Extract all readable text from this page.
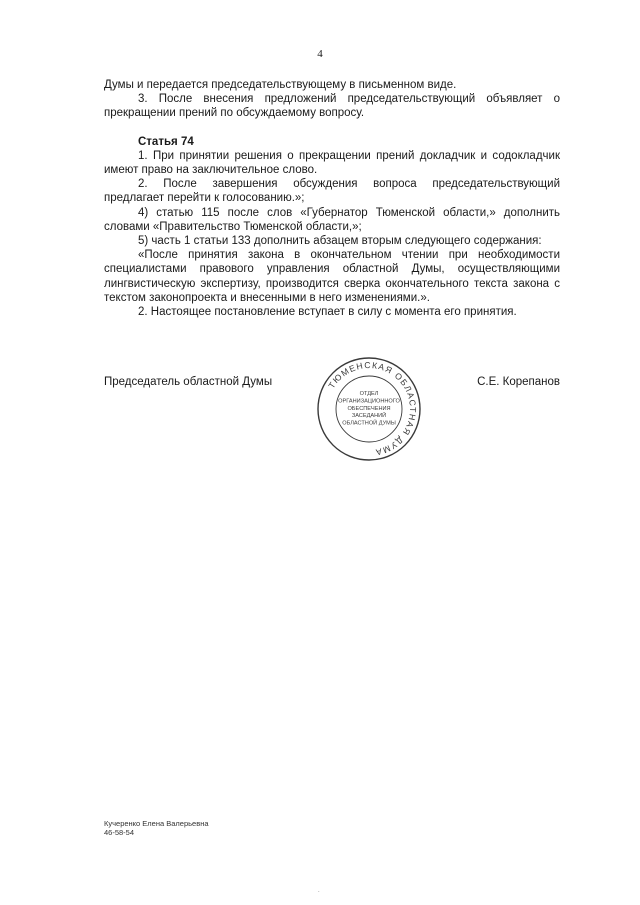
4

Думы и передается председательствующему в письменном виде.

3. После внесения предложений председательствующий объявляет о прекращении прений по обсуждаемому вопросу.

Статья 74

1. При принятии решения о прекращении прений докладчик и содокладчик имеют право на заключительное слово.

2. После завершения обсуждения вопроса председательствующий предлагает перейти к голосованию.»;

4) статью 115 после слов «Губернатор Тюменской области,» дополнить словами «Правительство Тюменской области,»;

5) часть 1 статьи 133 дополнить абзацем вторым следующего содержания:

«После принятия закона в окончательном чтении при необходимости специалистами правового управления областной Думы, осуществляющими лингвистическую экспертизу, производится сверка окончательного текста закона с текстом законопроекта и внесенными в него изменениями.».

2. Настоящее постановление вступает в силу с момента его принятия.

Председатель областной Думы	С.Е. Корепанов
ТЮМЕНСКАЯ ОБЛАСТНАЯ ДУМА
ОТДЕЛ
ОРГАНИЗАЦИОННОГО
ОБЕСПЕЧЕНИЯ
ЗАСЕДАНИЙ
ОБЛАСТНОЙ ДУМЫ
Кучеренко Елена Валерьевна
46-58-54
.
